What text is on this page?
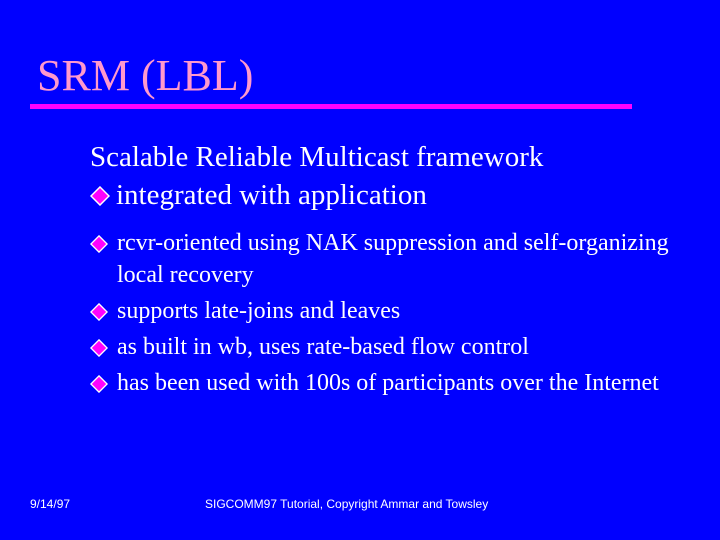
SRM (LBL)

Scalable Reliable Multicast framework

integrated with application
rcvr-oriented using NAK suppression and self-organizing local recovery
supports late-joins and leaves
as built in wb, uses rate-based flow control
has been used with 100s of participants over the Internet
9/14/97	SIGCOMM97 Tutorial, Copyright Ammar and Towsley
